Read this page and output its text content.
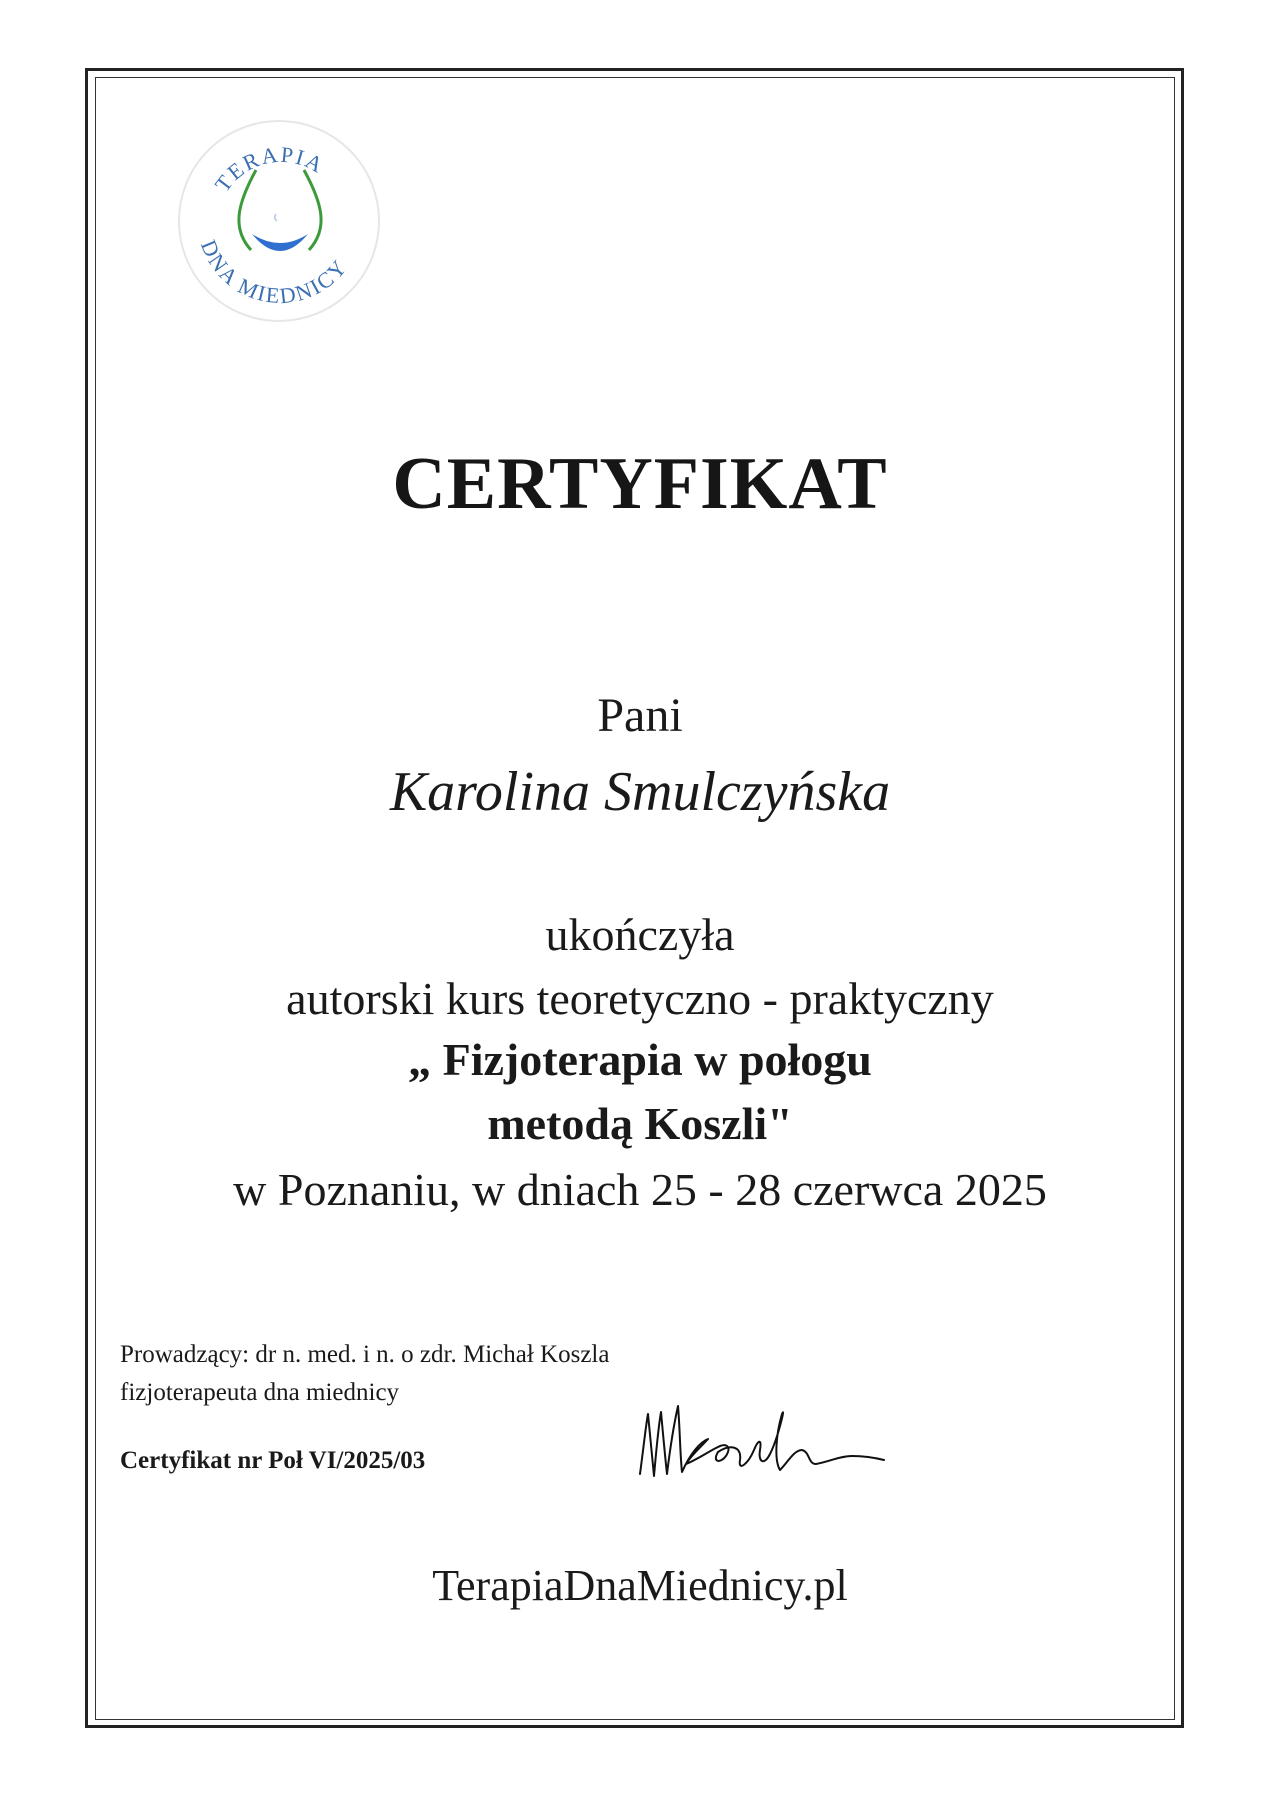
TERAPIA
DNA MIEDNICY
CERTYFIKAT
Pani
Karolina Smulczyńska
ukończyła
autorski kurs teoretyczno - praktyczny
„ Fizjoterapia w połogu
metodą Koszli"
w Poznaniu, w dniach 25 - 28 czerwca 2025
Prowadzący: dr n. med. i n. o zdr. Michał Koszla
fizjoterapeuta dna miednicy
Certyfikat nr Poł VI/2025/03
TerapiaDnaMiednicy.pl
